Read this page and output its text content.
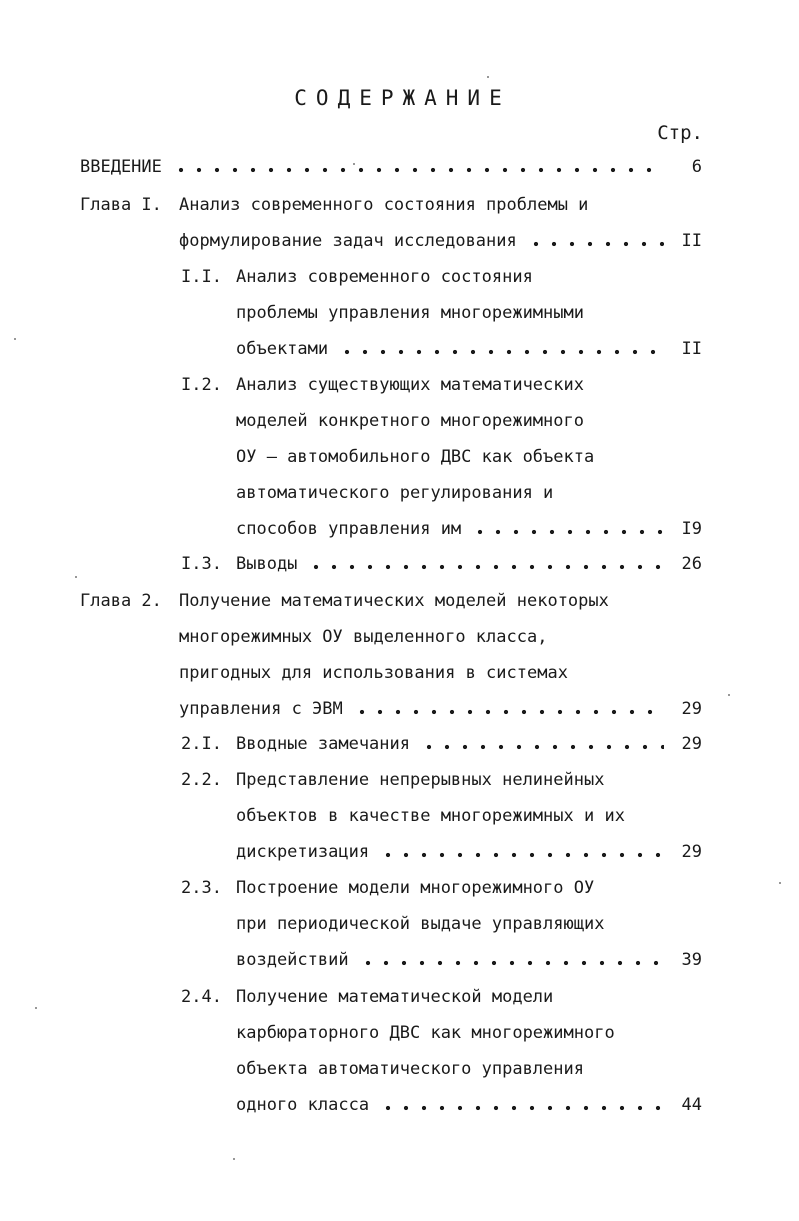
СОДЕРЖАНИЕ
Стр.
ВВЕДЕНИЕ	6
Глава I. Анализ современного состояния проблемы и
формулирование задач исследования	II
I.I. Анализ современного состояния
проблемы управления многорежимными
объектами	II
I.2. Анализ существующих математических
моделей конкретного многорежимного
ОУ – автомобильного ДВС как объекта
автоматического регулирования и
способов управления им	I9
I.3. Выводы	26
Глава 2. Получение математических моделей некоторых
многорежимных ОУ выделенного класса,
пригодных для использования в системах
управления с ЭВМ	29
2.I. Вводные замечания	29
2.2. Представление непрерывных нелинейных
объектов в качестве многорежимных и их
дискретизация	29
2.3. Построение модели многорежимного ОУ
при периодической выдаче управляющих
воздействий	39
2.4. Получение математической модели
карбюраторного ДВС как многорежимного
объекта автоматического управления
одного класса	44
